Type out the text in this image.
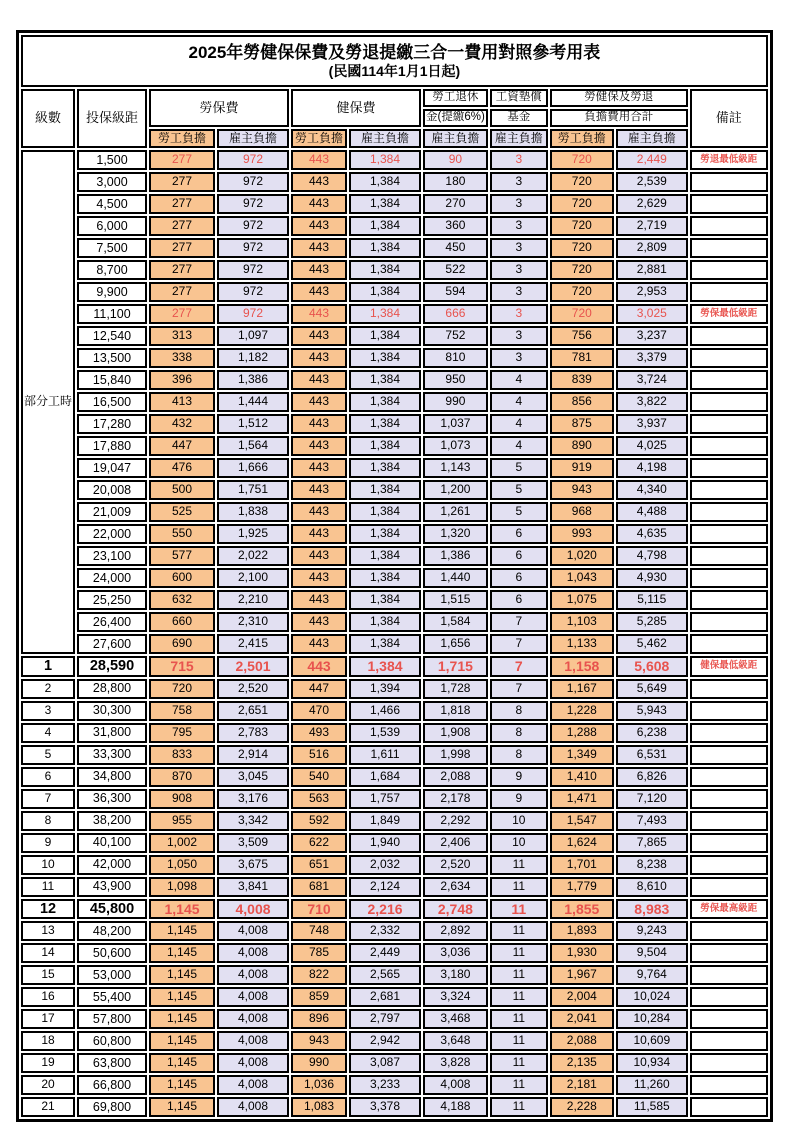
2025年勞健保保費及勞退提繳三合一費用對照參考用表
(民國114年1月1日起)										

級數	投保級距	勞保費		健保費		勞工退休	工資墊償	勞健保及勞退		備註
						金(提繳6%)	基金	負擔費用合計		
		勞工負擔	雇主負擔	勞工負擔	雇主負擔	雇主負擔	雇主負擔	勞工負擔	雇主負擔	
部分工時	1,500	277	972	443	1,384	90	3	720	2,449	勞退最低級距
	3,000	277	972	443	1,384	180	3	720	2,539	
	4,500	277	972	443	1,384	270	3	720	2,629	
	6,000	277	972	443	1,384	360	3	720	2,719	
	7,500	277	972	443	1,384	450	3	720	2,809	
	8,700	277	972	443	1,384	522	3	720	2,881	
	9,900	277	972	443	1,384	594	3	720	2,953	
	11,100	277	972	443	1,384	666	3	720	3,025	勞保最低級距
	12,540	313	1,097	443	1,384	752	3	756	3,237	
	13,500	338	1,182	443	1,384	810	3	781	3,379	
	15,840	396	1,386	443	1,384	950	4	839	3,724	
	16,500	413	1,444	443	1,384	990	4	856	3,822	
	17,280	432	1,512	443	1,384	1,037	4	875	3,937	
	17,880	447	1,564	443	1,384	1,073	4	890	4,025	
	19,047	476	1,666	443	1,384	1,143	5	919	4,198	
	20,008	500	1,751	443	1,384	1,200	5	943	4,340	
	21,009	525	1,838	443	1,384	1,261	5	968	4,488	
	22,000	550	1,925	443	1,384	1,320	6	993	4,635	
	23,100	577	2,022	443	1,384	1,386	6	1,020	4,798	
	24,000	600	2,100	443	1,384	1,440	6	1,043	4,930	
	25,250	632	2,210	443	1,384	1,515	6	1,075	5,115	
	26,400	660	2,310	443	1,384	1,584	7	1,103	5,285	
	27,600	690	2,415	443	1,384	1,656	7	1,133	5,462	
1	28,590	715	2,501	443	1,384	1,715	7	1,158	5,608	健保最低級距
2	28,800	720	2,520	447	1,394	1,728	7	1,167	5,649	
3	30,300	758	2,651	470	1,466	1,818	8	1,228	5,943	
4	31,800	795	2,783	493	1,539	1,908	8	1,288	6,238	
5	33,300	833	2,914	516	1,611	1,998	8	1,349	6,531	
6	34,800	870	3,045	540	1,684	2,088	9	1,410	6,826	
7	36,300	908	3,176	563	1,757	2,178	9	1,471	7,120	
8	38,200	955	3,342	592	1,849	2,292	10	1,547	7,493	
9	40,100	1,002	3,509	622	1,940	2,406	10	1,624	7,865	
10	42,000	1,050	3,675	651	2,032	2,520	11	1,701	8,238	
11	43,900	1,098	3,841	681	2,124	2,634	11	1,779	8,610	
12	45,800	1,145	4,008	710	2,216	2,748	11	1,855	8,983	勞保最高級距
13	48,200	1,145	4,008	748	2,332	2,892	11	1,893	9,243	
14	50,600	1,145	4,008	785	2,449	3,036	11	1,930	9,504	
15	53,000	1,145	4,008	822	2,565	3,180	11	1,967	9,764	
16	55,400	1,145	4,008	859	2,681	3,324	11	2,004	10,024	
17	57,800	1,145	4,008	896	2,797	3,468	11	2,041	10,284	
18	60,800	1,145	4,008	943	2,942	3,648	11	2,088	10,609	
19	63,800	1,145	4,008	990	3,087	3,828	11	2,135	10,934	
20	66,800	1,145	4,008	1,036	3,233	4,008	11	2,181	11,260	
21	69,800	1,145	4,008	1,083	3,378	4,188	11	2,228	11,585	
